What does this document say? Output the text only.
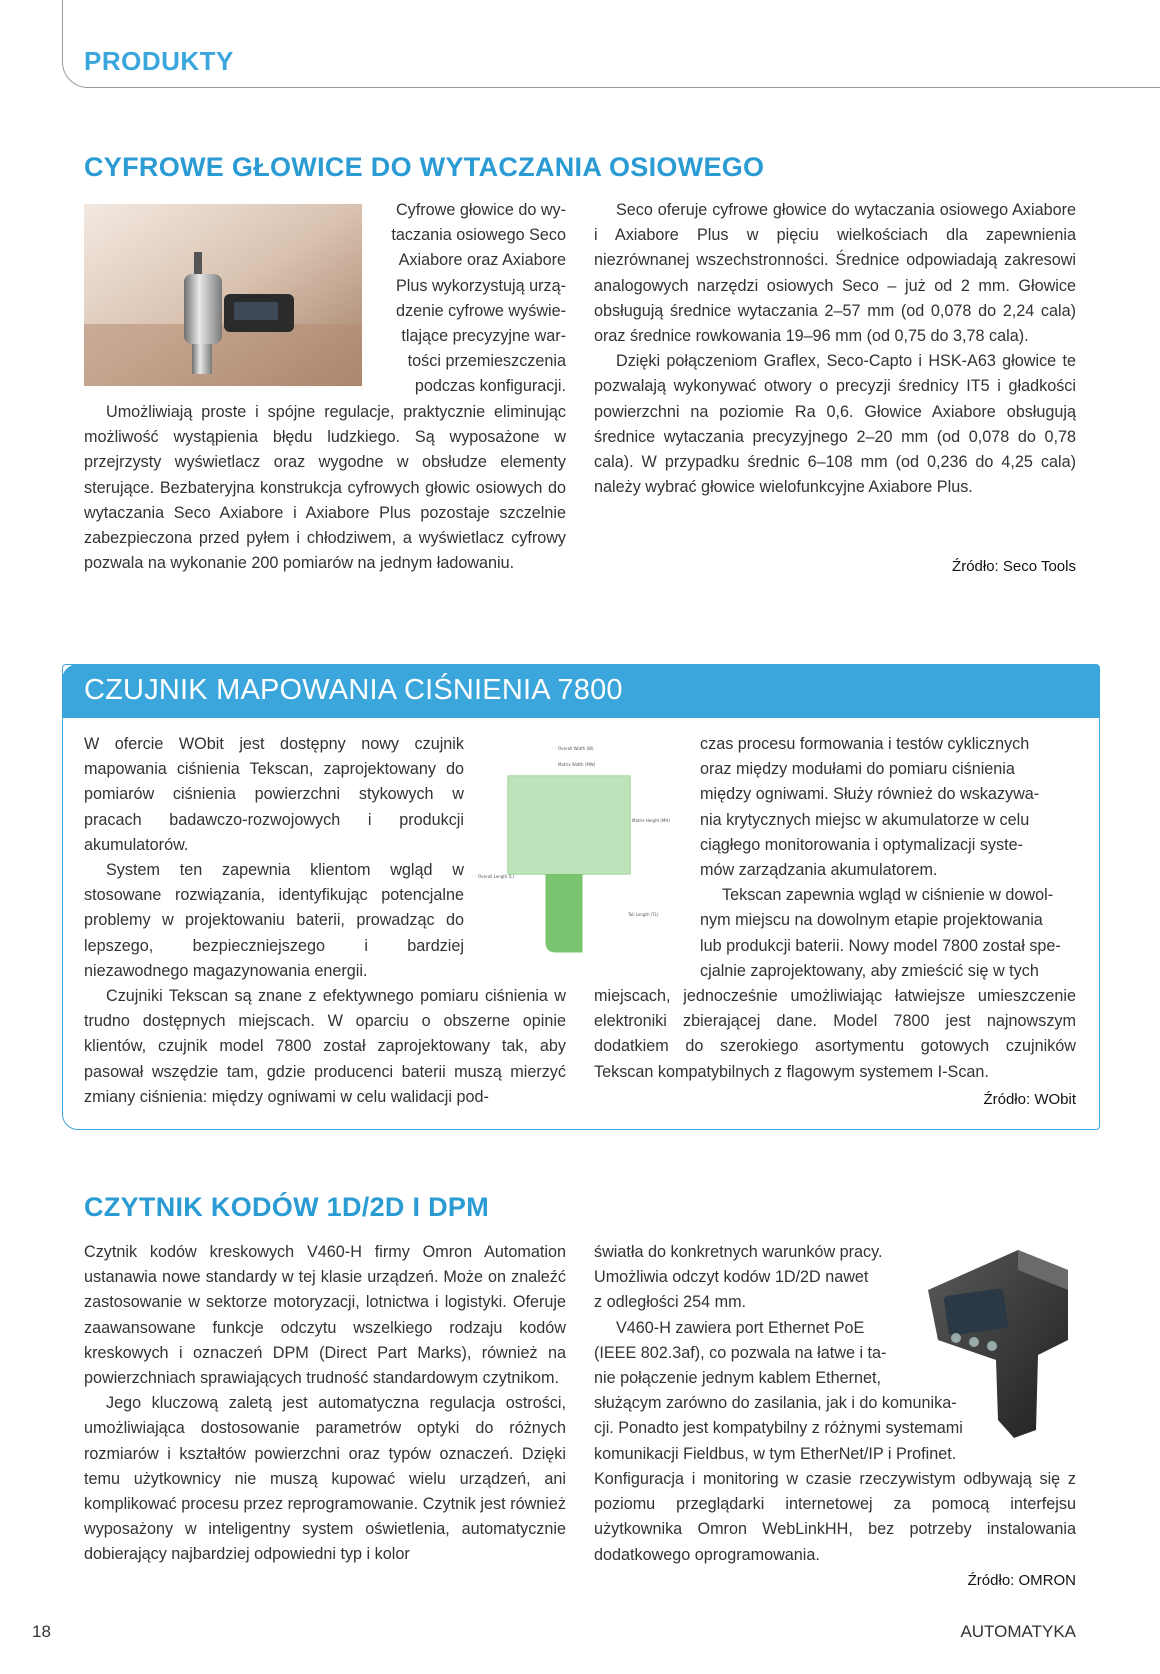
PRODUKTY
CYFROWE GŁOWICE DO WYTACZANIA OSIOWEGO
Cyfrowe głowice do wy-
taczania osiowego Seco
Axiabore oraz Axiabore
Plus wykorzystują urzą-
dzenie cyfrowe wyświe-
tlające precyzyjne war-
tości przemieszczenia
podczas konfiguracji.

Umożliwiają proste i spójne regulacje, praktycznie eliminując możliwość wystąpienia błędu ludzkiego. Są wyposażone w przejrzysty wyświetlacz oraz wygodne w obsłudze elementy sterujące. Bezbateryjna konstrukcja cyfrowych głowic osiowych do wytaczania Seco Axiabore i Axiabore Plus pozostaje szczelnie zabezpieczona przed pyłem i chłodziwem, a wyświetlacz cyfrowy pozwala na wykonanie 200 pomiarów na jednym ładowaniu.

Seco oferuje cyfrowe głowice do wytaczania osiowego Axiabore i Axiabore Plus w pięciu wielkościach dla zapewnienia niezrównanej wszechstronności. Średnice odpowiadają zakresowi analogowych narzędzi osiowych Seco – już od 2 mm. Głowice obsługują średnice wytaczania 2–57 mm (od 0,078 do 2,24 cala) oraz średnice rowkowania 19–96 mm (od 0,75 do 3,78 cala).

Dzięki połączeniom Graflex, Seco-Capto i HSK-A63 głowice te pozwalają wykonywać otwory o precyzji średnicy IT5 i gładkości powierzchni na poziomie Ra 0,6. Głowice Axiabore obsługują średnice wytaczania precyzyjnego 2–20 mm (od 0,078 do 0,78 cala). W przypadku średnic 6–108 mm (od 0,236 do 4,25 cala) należy wybrać głowice wielofunkcyjne Axiabore Plus.

Źródło: Seco Tools
CZUJNIK MAPOWANIA CIŚNIENIA 7800

W ofercie WObit jest dostępny nowy czujnik mapowania ciśnienia Tekscan, zaprojektowany do pomiarów ciśnienia powierzchni stykowych w pracach badawczo-rozwojowych i produkcji akumulatorów.

System ten zapewnia klientom wgląd w stosowane rozwiązania, identyfikując potencjalne problemy w projektowaniu baterii, prowadząc do lepszego, bezpieczniejszego i bardziej niezawodnego magazynowania energii.

Czujniki Tekscan są znane z efektywnego pomiaru ciśnienia w trudno dostępnych miejscach. W oparciu o obszerne opinie klientów, czujnik model 7800 został zaprojektowany tak, aby pasował wszędzie tam, gdzie producenci baterii muszą mierzyć zmiany ciśnienia: między ogniwami w celu walidacji pod-

Overall Width (W)
Matrix Width (MW)
Matrix Height (MH)
Overall Length (L)
Tail Length (TL)
czas procesu formowania i testów cyklicznych
oraz między modułami do pomiaru ciśnienia
między ogniwami. Służy również do wskazywa-
nia krytycznych miejsc w akumulatorze w celu
ciągłego monitorowania i optymalizacji syste-
mów zarządzania akumulatorem.
Tekscan zapewnia wgląd w ciśnienie w dowol-
nym miejscu na dowolnym etapie projektowania
lub produkcji baterii. Nowy model 7800 został spe-
cjalnie zaprojektowany, aby zmieścić się w tych

miejscach, jednocześnie umożliwiając łatwiejsze umieszczenie elektroniki zbierającej dane. Model 7800 jest najnowszym dodatkiem do szerokiego asortymentu gotowych czujników Tekscan kompatybilnych z flagowym systemem I-Scan.

Źródło: WObit
CZYTNIK KODÓW 1D/2D I DPM

Czytnik kodów kreskowych V460-H firmy Omron Automation ustanawia nowe standardy w tej klasie urządzeń. Może on znaleźć zastosowanie w sektorze motoryzacji, lotnictwa i logistyki. Oferuje zaawansowane funkcje odczytu wszelkiego rodzaju kodów kreskowych i oznaczeń DPM (Direct Part Marks), również na powierzchniach sprawiających trudność standardowym czytnikom.

Jego kluczową zaletą jest automatyczna regulacja ostrości, umożliwiająca dostosowanie parametrów optyki do różnych rozmiarów i kształtów powierzchni oraz typów oznaczeń. Dzięki temu użytkownicy nie muszą kupować wielu urządzeń, ani komplikować procesu przez reprogramowanie. Czytnik jest również wyposażony w inteligentny system oświetlenia, automatycznie dobierający najbardziej odpowiedni typ i kolor

światła do konkretnych warunków pracy.
Umożliwia odczyt kodów 1D/2D nawet
z odległości 254 mm.
V460-H zawiera port Ethernet PoE
(IEEE 802.3af), co pozwala na łatwe i ta-
nie połączenie jednym kablem Ethernet,
służącym zarówno do zasilania, jak i do komunika-
cji. Ponadto jest kompatybilny z różnymi systemami
komunikacji Fieldbus, w tym EtherNet/IP i Profinet.

Konfiguracja i monitoring w czasie rzeczywistym odbywają się z poziomu przeglądarki internetowej za pomocą interfejsu użytkownika Omron WebLinkHH, bez potrzeby instalowania dodatkowego oprogramowania.

Źródło: OMRON
18	AUTOMATYKA
